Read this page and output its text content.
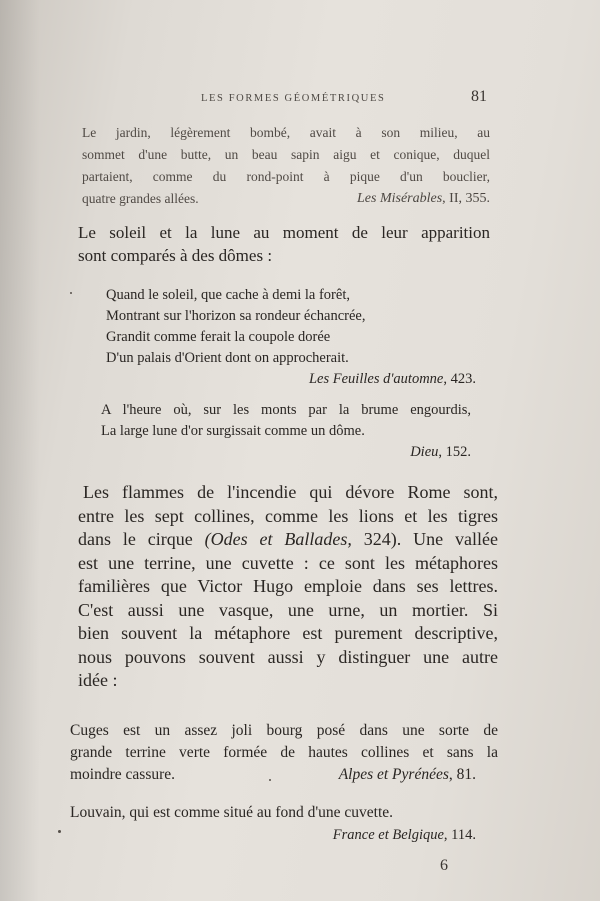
LES FORMES GÉOMÉTRIQUES	81
Le jardin, légèrement bombé, avait à son milieu, au
sommet d'une butte, un beau sapin aigu et conique, duquel
partaient, comme du rond-point à pique d'un bouclier,
quatre grandes allées.	Les Misérables, II, 355.
Le soleil et la lune au moment de leur apparition
sont comparés à des dômes :
Quand le soleil, que cache à demi la forêt,
Montrant sur l'horizon sa rondeur échancrée,
Grandit comme ferait la coupole dorée
D'un palais d'Orient dont on approcherait.
Les Feuilles d'automne, 423.
A l'heure où, sur les monts par la brume engourdis,
La large lune d'or surgissait comme un dôme.
Dieu, 152.
Les flammes de l'incendie qui dévore Rome sont,
entre les sept collines, comme les lions et les tigres
dans le cirque (Odes et Ballades, 324). Une vallée
est une terrine, une cuvette : ce sont les métaphores
familières que Victor Hugo emploie dans ses lettres.
C'est aussi une vasque, une urne, un mortier. Si
bien souvent la métaphore est purement descriptive,
nous pouvons souvent aussi y distinguer une autre
idée :
Cuges est un assez joli bourg posé dans une sorte de
grande terrine verte formée de hautes collines et sans la
moindre cassure.	Alpes et Pyrénées, 81.
Louvain, qui est comme situé au fond d'une cuvette.
France et Belgique, 114.
6
